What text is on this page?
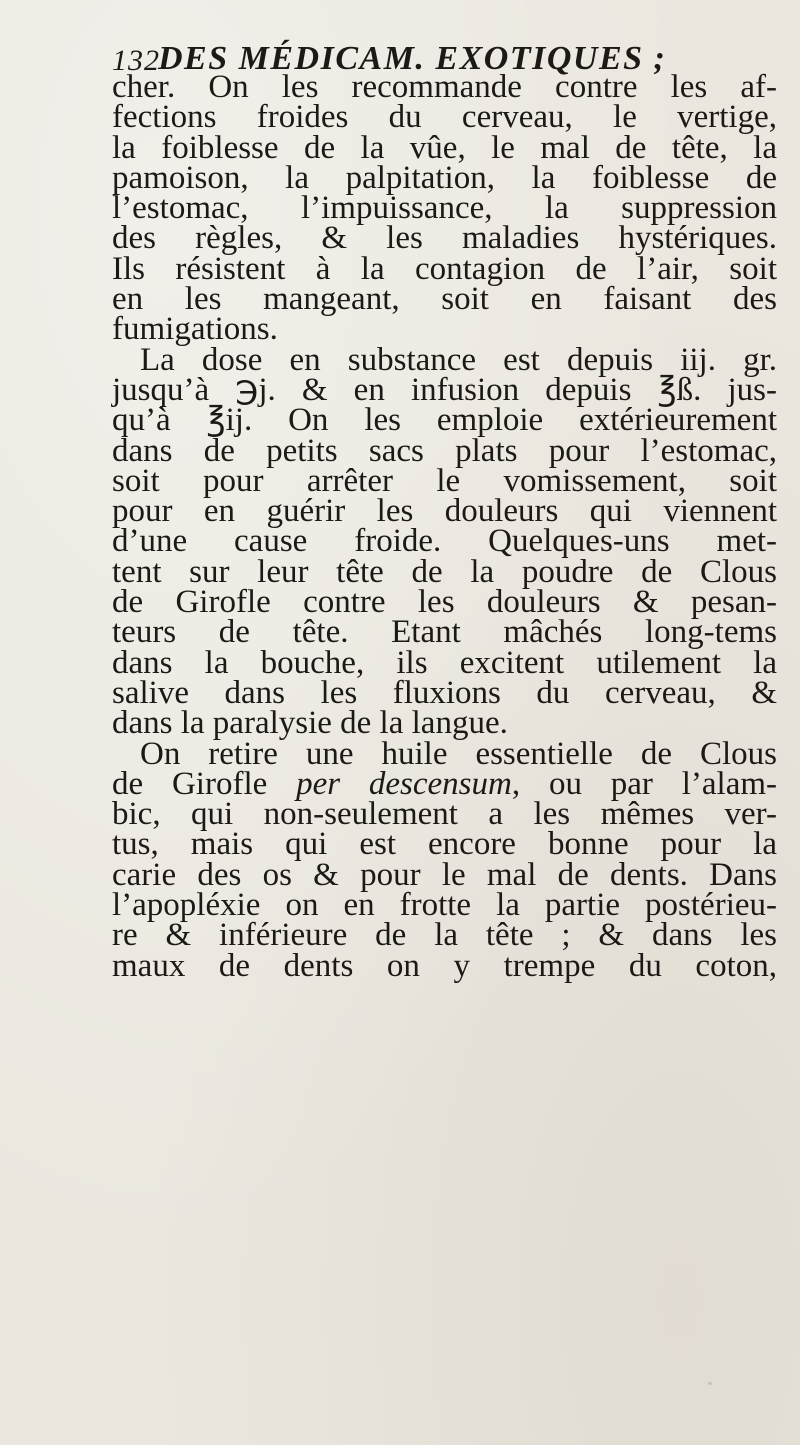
132
DES MÉDICAM. EXOTIQUES ;
cher. On les recommande contre les af-
fections froides du cerveau, le vertige,
la foiblesse de la vûe, le mal de tête, la
pamoison, la palpitation, la foiblesse de
l’estomac, l’impuissance, la suppression
des règles, & les maladies hystériques.
Ils résistent à la contagion de l’air, soit
en les mangeant, soit en faisant des
fumigations.
La dose en substance est depuis iij. gr.
jusqu’à ℈j. & en infusion depuis ℥ß. jus-
qu’à ℥ij. On les emploie extérieurement
dans de petits sacs plats pour l’estomac,
soit pour arrêter le vomissement, soit
pour en guérir les douleurs qui viennent
d’une cause froide. Quelques-uns met-
tent sur leur tête de la poudre de Clous
de Girofle contre les douleurs & pesan-
teurs de tête. Etant mâchés long-tems
dans la bouche, ils excitent utilement la
salive dans les fluxions du cerveau, &
dans la paralysie de la langue.
On retire une huile essentielle de Clous
de Girofle per descensum, ou par l’alam-
bic, qui non-seulement a les mêmes ver-
tus, mais qui est encore bonne pour la
carie des os & pour le mal de dents. Dans
l’apopléxie on en frotte la partie postérieu-
re & inférieure de la tête ; & dans les
maux de dents on y trempe du coton,
